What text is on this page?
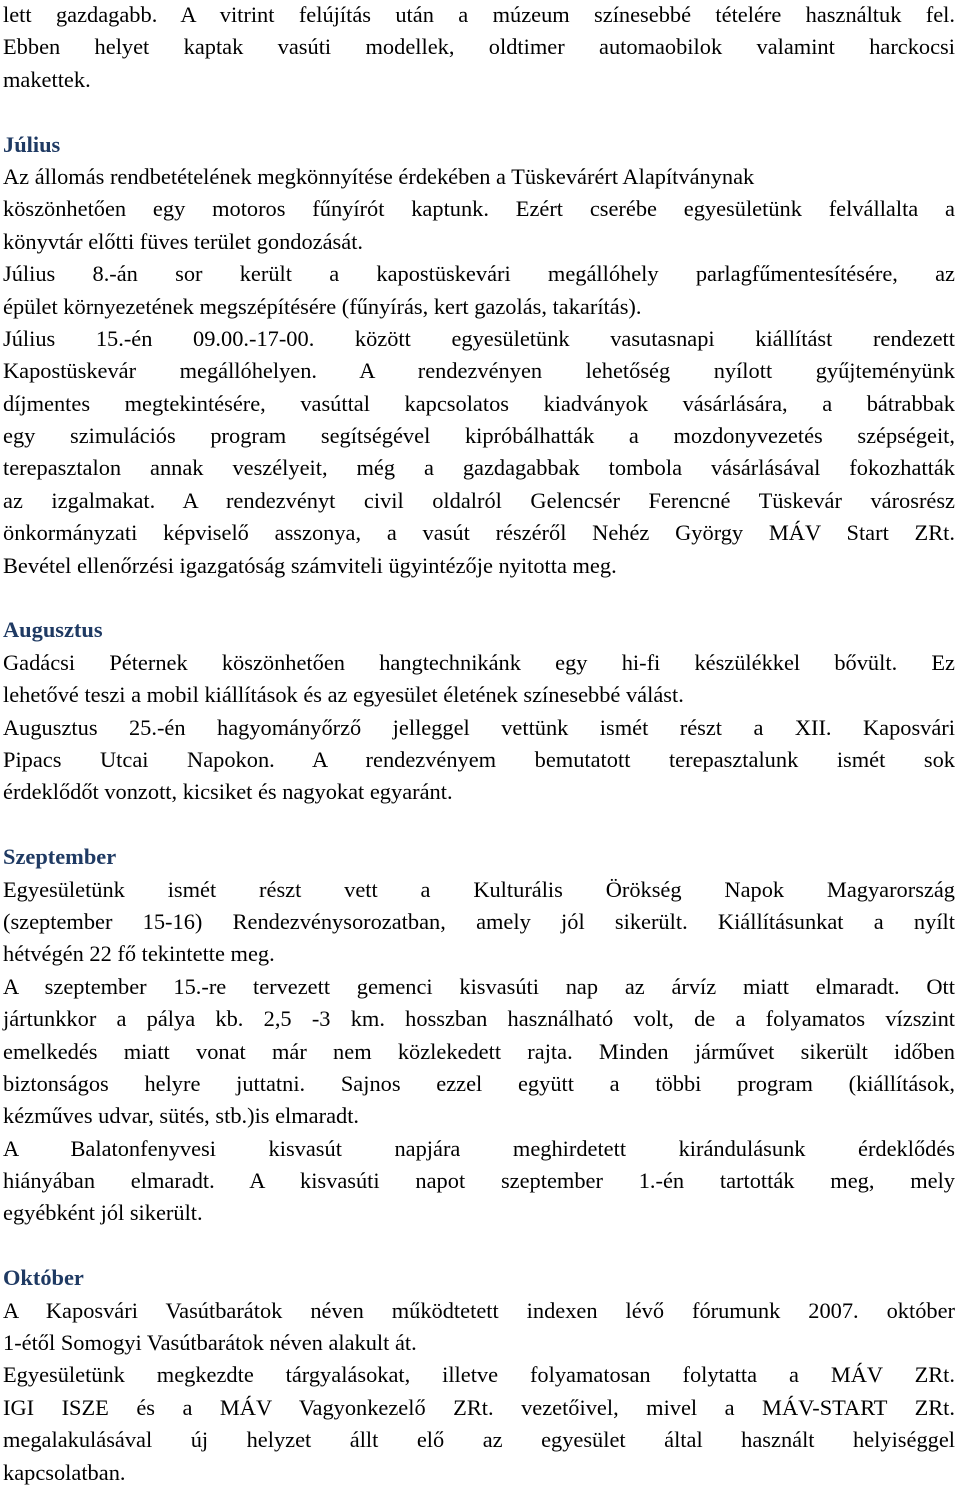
lett gazdagabb. A vitrint felújítás után a múzeum színesebbé tételére használtuk fel.
Ebben helyet kaptak vasúti modellek, oldtimer automaobilok valamint harckocsi
makettek.
Július
Az állomás rendbetételének megkönnyítése érdekében a Tüskevárért Alapítványnak
köszönhetően egy motoros fűnyírót kaptunk. Ezért cserébe egyesületünk felvállalta a
könyvtár előtti füves terület gondozását.
Július 8.-án sor került a kapostüskevári megállóhely parlagfűmentesítésére, az
épület környezetének megszépítésére (fűnyírás, kert gazolás, takarítás).
Július 15.-én 09.00.-17-00. között egyesületünk vasutasnapi kiállítást rendezett
Kapostüskevár megállóhelyen. A rendezvényen lehetőség nyílott gyűjteményünk
díjmentes megtekintésére, vasúttal kapcsolatos kiadványok vásárlására, a bátrabbak
egy szimulációs program segítségével kipróbálhatták a mozdonyvezetés szépségeit,
terepasztalon annak veszélyeit, még a gazdagabbak tombola vásárlásával fokozhatták
az izgalmakat. A rendezvényt civil oldalról Gelencsér Ferencné Tüskevár városrész
önkormányzati képviselő asszonya, a vasút részéről Nehéz György MÁV Start ZRt.
Bevétel ellenőrzési igazgatóság számviteli ügyintézője nyitotta meg.
Augusztus
Gadácsi Péternek köszönhetően hangtechnikánk egy hi-fi készülékkel bővült. Ez
lehetővé teszi a mobil kiállítások és az egyesület életének színesebbé válást.
Augusztus 25.-én hagyományőrző jelleggel vettünk ismét részt a XII. Kaposvári
Pipacs Utcai Napokon. A rendezvényem bemutatott terepasztalunk ismét sok
érdeklődőt vonzott, kicsiket és nagyokat egyaránt.
Szeptember
Egyesületünk ismét részt vett a Kulturális Örökség Napok Magyarország
(szeptember 15-16) Rendezvénysorozatban, amely jól sikerült. Kiállításunkat a nyílt
hétvégén 22 fő tekintette meg.
A szeptember 15.-re tervezett gemenci kisvasúti nap az árvíz miatt elmaradt. Ott
jártunkkor a pálya kb. 2,5 -3 km. hosszban használható volt, de a folyamatos vízszint
emelkedés miatt vonat már nem közlekedett rajta. Minden járművet sikerült időben
biztonságos helyre juttatni. Sajnos ezzel együtt a többi program (kiállítások,
kézműves udvar, sütés, stb.)is elmaradt.
A Balatonfenyvesi kisvasút napjára meghirdetett kirándulásunk érdeklődés
hiányában elmaradt. A kisvasúti napot szeptember 1.-én tartották meg, mely
egyébként jól sikerült.
Október
A Kaposvári Vasútbarátok néven működtetett indexen lévő fórumunk 2007. október
1-étől Somogyi Vasútbarátok néven alakult át.
Egyesületünk megkezdte tárgyalásokat, illetve folyamatosan folytatta a MÁV ZRt.
IGI ISZE és a MÁV Vagyonkezelő ZRt. vezetőivel, mivel a MÁV-START ZRt.
megalakulásával új helyzet állt elő az egyesület által használt helyiséggel
kapcsolatban.
